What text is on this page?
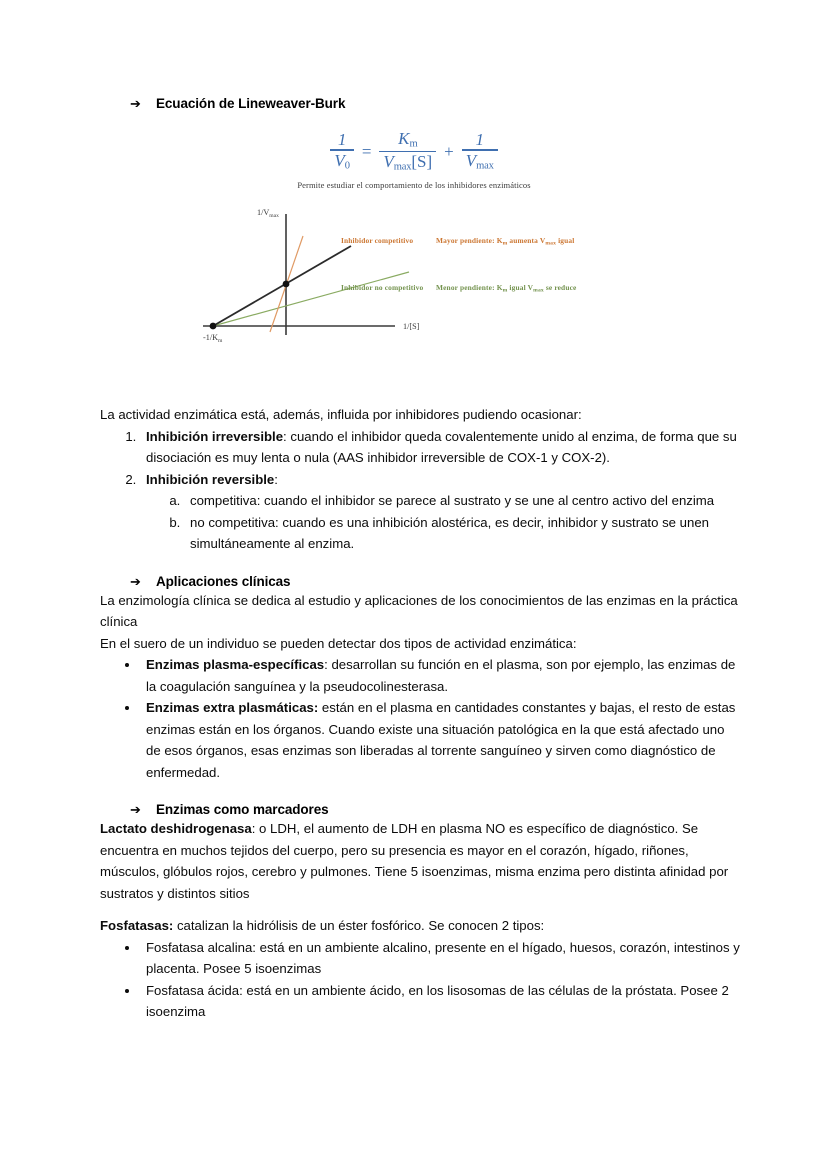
➔	Ecuación de Lineweaver-Burk
$\frac{1}{V_0} = \frac{K_m}{V_{max}[S]} + \frac{1}{V_{max}}$
Permite estudiar el comportamiento de los inhibidores enzimáticos
$1/V_{max}$
1/[S]
$-1/K_m$
Inhibidor competitivo	Mayor pendiente: $K_m$ aumenta $V_{max}$ igual
Inhibidor no competitivo Menor pendiente: $K_m$ igual $V_{max}$ se reduce

La actividad enzimática está, además, influida por inhibidores pudiendo ocasionar:

1. Inhibición irreversible: cuando el inhibidor queda covalentemente unido al enzima, de forma que su disociación es muy lenta o nula (AAS inhibidor irreversible de COX-1 y COX-2).
2. Inhibición reversible:
a. competitiva: cuando el inhibidor se parece al sustrato y se une al centro activo del enzima
b. no competitiva: cuando es una inhibición alostérica, es decir, inhibidor y sustrato se unen simultáneamente al enzima.
➔	Aplicaciones clínicas

La enzimología clínica se dedica al estudio y aplicaciones de los conocimientos de las enzimas en la práctica clínica

En el suero de un individuo se pueden detectar dos tipos de actividad enzimática:

• Enzimas plasma-específicas: desarrollan su función en el plasma, son por ejemplo, las enzimas de la coagulación sanguínea y la pseudocolinesterasa.
• Enzimas extra plasmáticas: están en el plasma en cantidades constantes y bajas, el resto de estas enzimas están en los órganos. Cuando existe una situación patológica en la que está afectado uno de esos órganos, esas enzimas son liberadas al torrente sanguíneo y sirven como diagnóstico de enfermedad.
➔	Enzimas como marcadores

Lactato deshidrogenasa: o LDH, el aumento de LDH en plasma NO es específico de diagnóstico. Se encuentra en muchos tejidos del cuerpo, pero su presencia es mayor en el corazón, hígado, riñones, músculos, glóbulos rojos, cerebro y pulmones. Tiene 5 isoenzimas, misma enzima pero distinta afinidad por sustratos y distintos sitios

Fosfatasas: catalizan la hidrólisis de un éster fosfórico. Se conocen 2 tipos:

• Fosfatasa alcalina: está en un ambiente alcalino, presente en el hígado, huesos, corazón, intestinos y placenta. Posee 5 isoenzimas
• Fosfatasa ácida: está en un ambiente ácido, en los lisosomas de las células de la próstata. Posee 2 isoenzima
